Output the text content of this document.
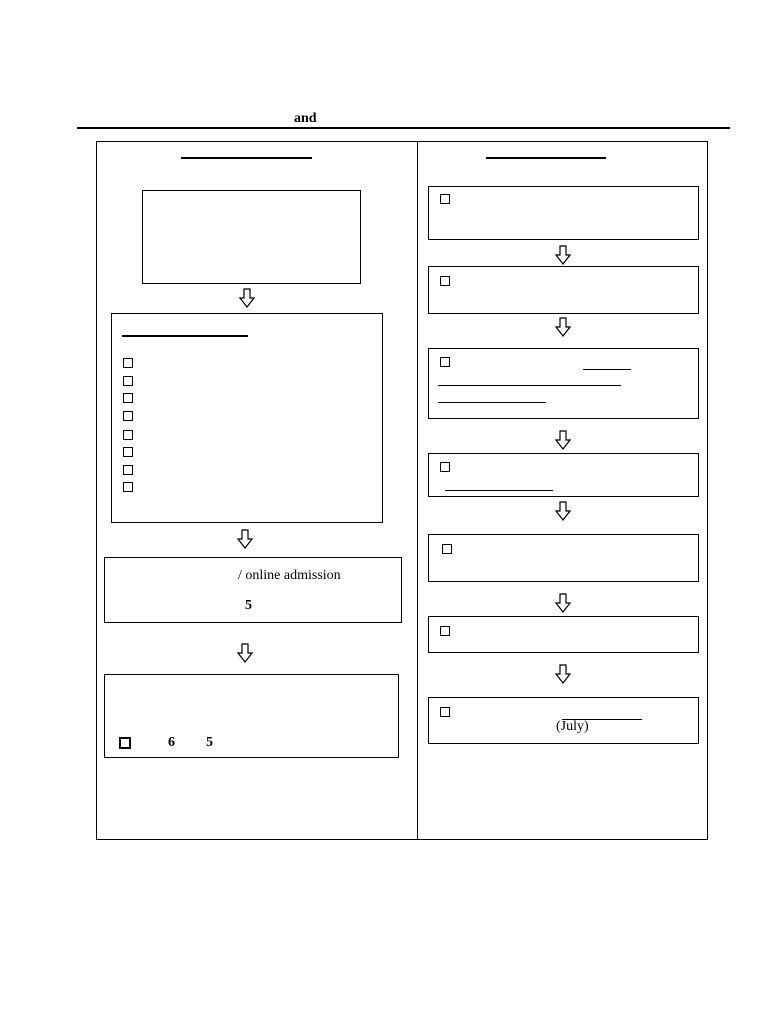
and
/ online admission
5
6 5
(July)
